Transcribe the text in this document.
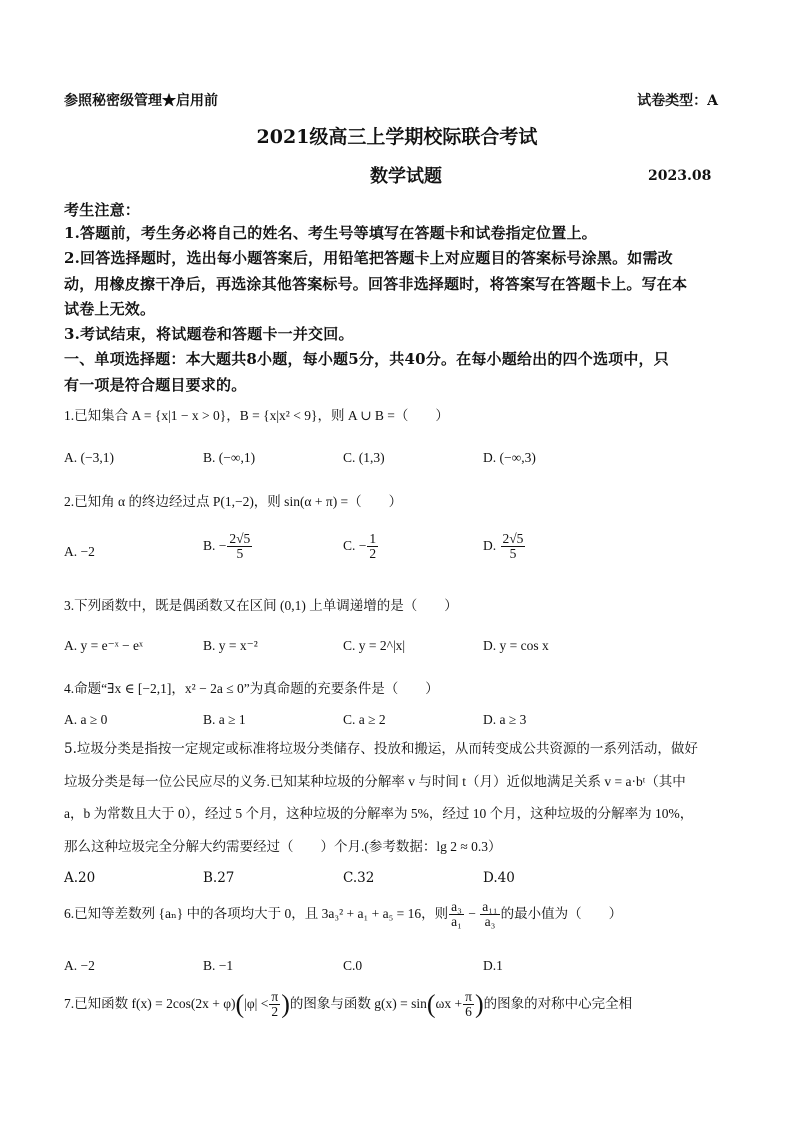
参照秘密级管理★启用前	试卷类型：A
2021级高三上学期校际联合考试
数学试题	2023.08
考生注意：
1.答题前，考生务必将自己的姓名、考生号等填写在答题卡和试卷指定位置上。
2.回答选择题时，选出每小题答案后，用铅笔把答题卡上对应题目的答案标号涂黑。如需改
动，用橡皮擦干净后，再选涂其他答案标号。回答非选择题时，将答案写在答题卡上。写在本
试卷上无效。
3.考试结束，将试题卷和答题卡一并交回。
一、单项选择题：本大题共8小题，每小题5分，共40分。在每小题给出的四个选项中，只
有一项是符合题目要求的。
1.已知集合 A = {x|1 − x > 0}，B = {x|x² < 9}，则 A ∪ B =（　　）
A. (−3,1)	B. (−∞,1)	C. (1,3)	D. (−∞,3)
2.已知角 α 的终边经过点 P(1,−2)，则 sin(α + π) =（　　）
A. −2	B. − $\frac{2√5}{5}$	C. − $\frac{1}{2}$	D. $\frac{2√5}{5}$
3.下列函数中，既是偶函数又在区间 (0,1) 上单调递增的是（　　）
A. y = e⁻ˣ − eˣ	B. y = x⁻²	C. y = 2^|x|	D. y = cos x
4.命题“∃x ∈ [−2,1]，x² − 2a ≤ 0”为真命题的充要条件是（　　）
A. a ≥ 0	B. a ≥ 1	C. a ≥ 2	D. a ≥ 3
5.垃圾分类是指按一定规定或标准将垃圾分类储存、投放和搬运，从而转变成公共资源的一系列活动，做好
垃圾分类是每一位公民应尽的义务.已知某种垃圾的分解率 v 与时间 t（月）近似地满足关系 v = a·bᵗ（其中
a，b 为常数且大于 0），经过 5 个月，这种垃圾的分解率为 5%，经过 10 个月，这种垃圾的分解率为 10%，
那么这种垃圾完全分解大约需要经过（　　）个月.(参考数据：lg 2 ≈ 0.3）
A.20	B.27	C.32	D.40
6.已知等差数列 {aₙ} 中的各项均大于 0，且 3a₃² + a₁ + a₅ = 16，则 $\frac{\text{a₃}}{\text{a₁}} - \frac{\text{a₁₁}}{\text{a₃}}$ 的最小值为（　　）
A. −2	B. −1	C.0	D.1
7.已知函数 $f(x) = 2\cos(2x + \varphi)(|\varphi| < \frac{\pi}{2}$ )的图象与函数 $g(x) = \sin(\omega x + \frac{\pi}{6}$ )的图象的对称中心完全相
